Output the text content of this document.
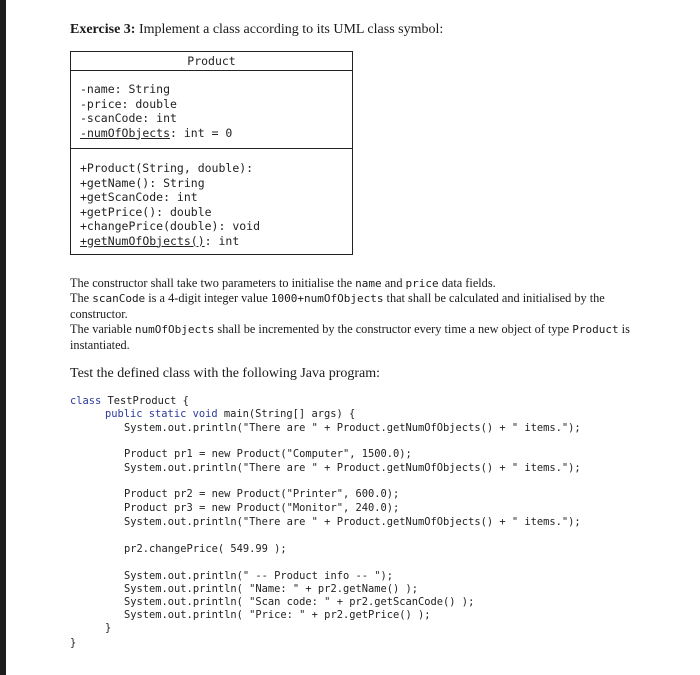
Exercise 3: Implement a class according to its UML class symbol:
Product
-name: String
-price: double
-scanCode: int
-numOfObjects: int = 0
+Product(String, double):
+getName(): String
+getScanCode: int
+getPrice(): double
+changePrice(double): void
+getNumOfObjects(): int
The constructor shall take two parameters to initialise the name and price data fields.
The scanCode is a 4-digit integer value 1000+numOfObjects that shall be calculated and initialised by the constructor.
The variable numOfObjects shall be incremented by the constructor every time a new object of type Product is instantiated.
Test the defined class with the following Java program:
class TestProduct {
public static void main(String[] args) {
System.out.println("There are " + Product.getNumOfObjects() + " items.");
Product pr1 = new Product("Computer", 1500.0);
System.out.println("There are " + Product.getNumOfObjects() + " items.");
Product pr2 = new Product("Printer", 600.0);
Product pr3 = new Product("Monitor", 240.0);
System.out.println("There are " + Product.getNumOfObjects() + " items.");
pr2.changePrice( 549.99 );
System.out.println(" -- Product info -- ");
System.out.println( "Name: " + pr2.getName() );
System.out.println( "Scan code: " + pr2.getScanCode() );
System.out.println( "Price: " + pr2.getPrice() );
}
}
